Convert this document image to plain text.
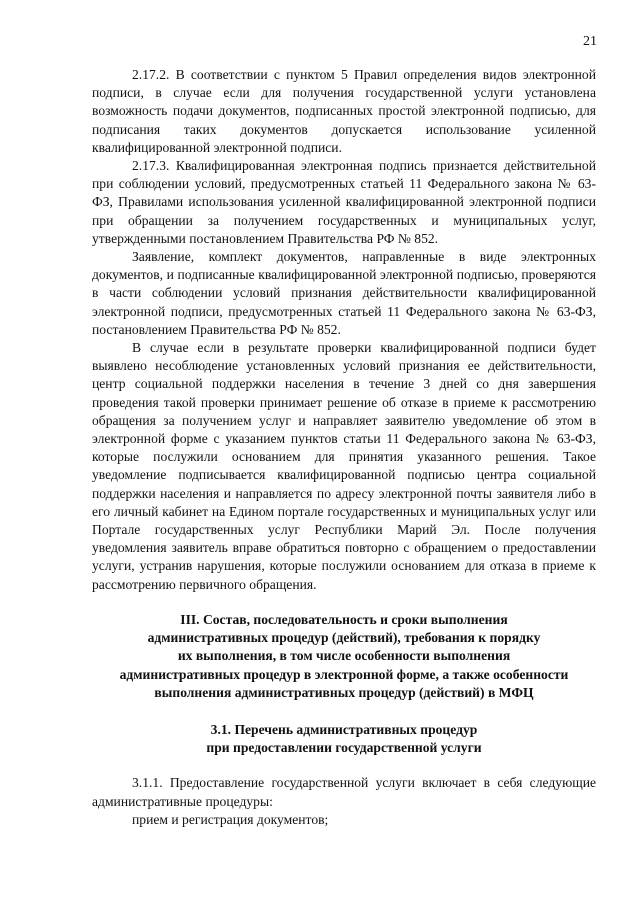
21

2.17.2. В соответствии с пунктом 5 Правил определения видов электронной подписи, в случае если для получения государственной услуги установлена возможность подачи документов, подписанных простой электронной подписью, для подписания таких документов допускается использование усиленной квалифицированной электронной подписи.

2.17.3. Квалифицированная электронная подпись признается действительной при соблюдении условий, предусмотренных статьей 11 Федерального закона № 63-ФЗ, Правилами использования усиленной квалифицированной электронной подписи при обращении за получением государственных и муниципальных услуг, утвержденными постановлением Правительства РФ № 852.

Заявление, комплект документов, направленные в виде электронных документов, и подписанные квалифицированной электронной подписью, проверяются в части соблюдении условий признания действительности квалифицированной электронной подписи, предусмотренных статьей 11 Федерального закона № 63-ФЗ, постановлением Правительства РФ № 852.

В случае если в результате проверки квалифицированной подписи будет выявлено несоблюдение установленных условий признания ее действительности, центр социальной поддержки населения в течение 3 дней со дня завершения проведения такой проверки принимает решение об отказе в приеме к рассмотрению обращения за получением услуг и направляет заявителю уведомление об этом в электронной форме с указанием пунктов статьи 11 Федерального закона № 63-ФЗ, которые послужили основанием для принятия указанного решения. Такое уведомление подписывается квалифицированной подписью центра социальной поддержки населения и направляется по адресу электронной почты заявителя либо в его личный кабинет на Едином портале государственных и муниципальных услуг или Портале государственных услуг Республики Марий Эл. После получения уведомления заявитель вправе обратиться повторно с обращением о предоставлении услуги, устранив нарушения, которые послужили основанием для отказа в приеме к рассмотрению первичного обращения.

III. Состав, последовательность и сроки выполнения
административных процедур (действий), требования к порядку
их выполнения, в том числе особенности выполнения
административных процедур в электронной форме, а также особенности
выполнения административных процедур (действий) в МФЦ

3.1. Перечень административных процедур
при предоставлении государственной услуги

3.1.1. Предоставление государственной услуги включает в себя следующие административные процедуры:

прием и регистрация документов;
